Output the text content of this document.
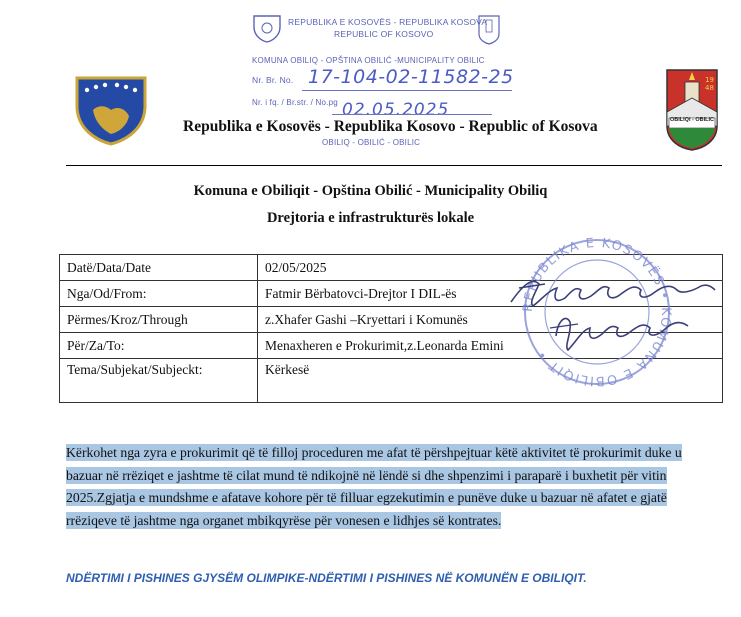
19
48
OBILIQI - OBILIC
REPUBLIKA E KOSOVËS - REPUBLIKA KOSOVA
REPUBLIC OF KOSOVO
KOMUNA OBILIQ - OPŠTINA OBILIĆ -MUNICIPALITY OBILIC
Nr. Br. No. 17-104-02-11582-25
Nr. i fq. / Br.str. / No.pg 02.05.2025
OBILIQ - OBILIĆ - OBILIC
Republika e Kosovës - Republika Kosovo - Republic of Kosova
Komuna e Obiliqit - Opština Obilić - Municipality Obiliq
Drejtoria e infrastrukturës lokale
Datë/Data/Date	02/05/2025
Nga/Od/From:	Fatmir Bërbatovci-Drejtor I DIL-ës
Përmes/Kroz/Through	z.Xhafer Gashi –Kryettari i Komunës
Për/Za/To:	Menaxheren e Prokurimit,z.Leonarda Emini
Tema/Subjekat/Subjeckt:	Kërkesë
REPUBLIKA E KOSOVËS • KOMUNA E OBILIQIT •
Kërkohet nga zyra e prokurimit që të filloj proceduren me afat të përshpejtuar këtë aktivitet të prokurimit duke u bazuar në rrëziqet e jashtme të cilat mund të ndikojnë në lëndë si dhe shpenzimi i paraparë i buxhetit për vitin 2025.Zgjatja e mundshme e afatave kohore për të filluar egzekutimin e punëve duke u bazuar në afatet e gjatë rrëziqeve të jashtme nga organet mbikqyrëse për vonesen e lidhjes së kontrates.
NDËRTIMI I PISHINES GJYSËM OLIMPIKE-NDËRTIMI I PISHINES NË KOMUNËN E OBILIQIT.
